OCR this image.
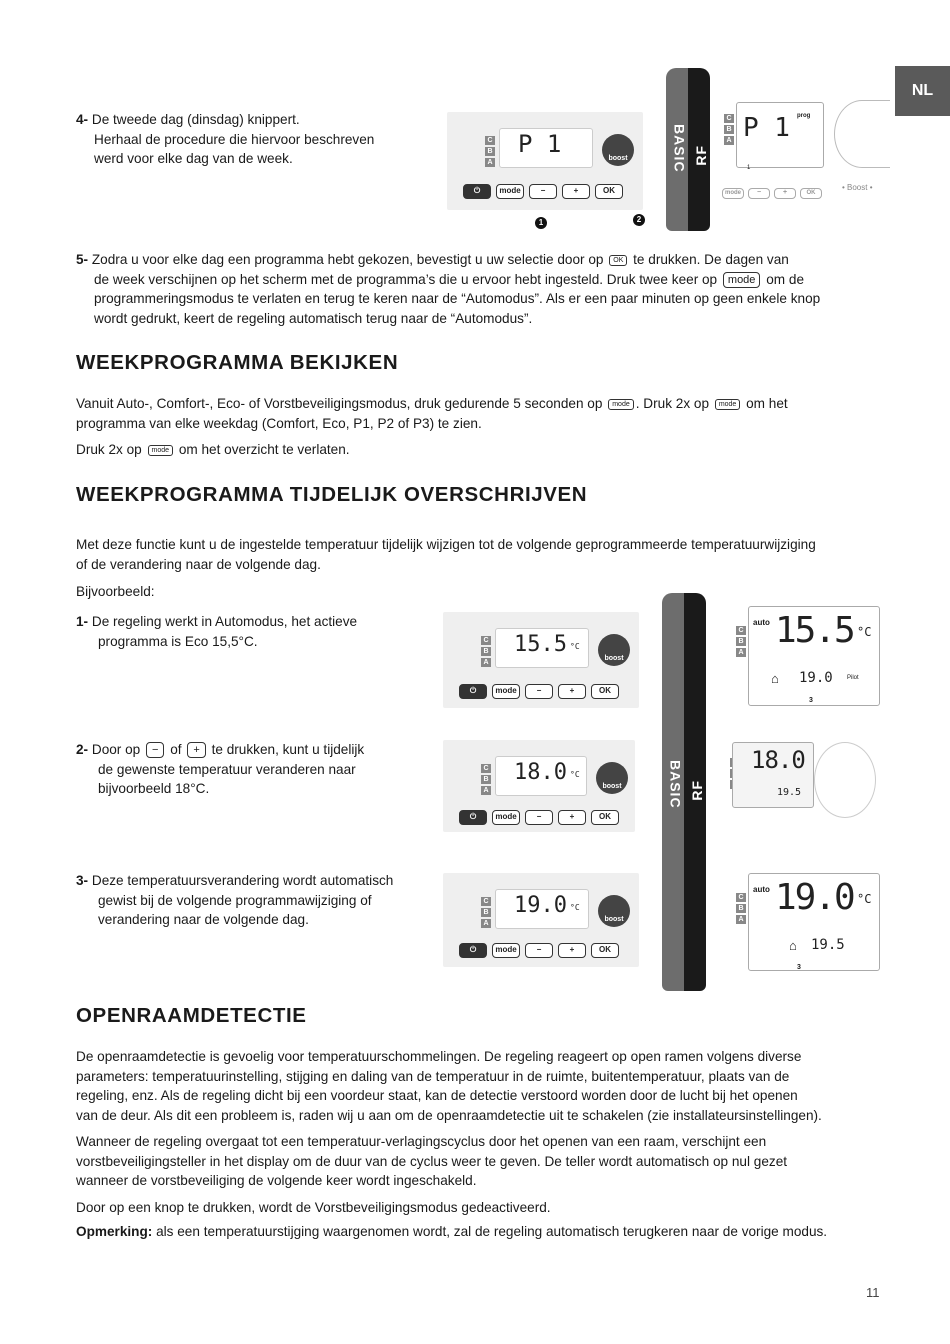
NL
4- De tweede dag (dinsdag) knippert.
Herhaal de procedure die hiervoor beschreven
werd voor elke dag van de week.
C
B
A
P 1
boost
⏻	mode	−	+	OK
1	2
BASIC RF
C
B
A
prog
P 1
1
• Boost •
mode	−	+	OK
5- Zodra u voor elke dag een programma hebt gekozen, bevestigt u uw selectie door op OK te drukken. De dagen van
de week verschijnen op het scherm met de programma’s die u ervoor hebt ingesteld. Druk twee keer op mode om de
programmeringsmodus te verlaten en terug te keren naar de “Automodus”. Als er een paar minuten op geen enkele knop
wordt gedrukt, keert de regeling automatisch terug naar de “Automodus”.
WEEKPROGRAMMA BEKIJKEN
Vanuit Auto-, Comfort-, Eco- of Vorstbeveiligingsmodus, druk gedurende 5 seconden op mode . Druk 2x op mode om het
programma van elke weekdag (Comfort, Eco, P1, P2 of P3) te zien.
Druk 2x op mode om het overzicht te verlaten.
WEEKPROGRAMMA TIJDELIJK OVERSCHRIJVEN
Met deze functie kunt u de ingestelde temperatuur tijdelijk wijzigen tot de volgende geprogrammeerde temperatuurwijziging
of de verandering naar de volgende dag.
Bijvoorbeeld:
1- De regeling werkt in Automodus, het actieve
programma is Eco 15,5°C.
2- Door op − of + te drukken, kunt u tijdelijk
de gewenste temperatuur veranderen naar
bijvoorbeeld 18°C.
3- Deze temperatuursverandering wordt automatisch
gewist bij de volgende programmawijziging of
verandering naar de volgende dag.
C
B
A
15.5 °C
boost
⏻	mode	−	+	OK
C
B
A
18.0 °C
boost
⏻	mode	−	+	OK
C
B
A
19.0 °C
boost
⏻	mode	−	+	OK
BASIC RF
C
B
A
auto 15.5 °C
⌂ 19.0 Pilot
3
18.0
19.5
C
B
A
auto 19.0 °C
⌂ 19.5
3
OPENRAAMDETECTIE
De openraamdetectie is gevoelig voor temperatuurschommelingen. De regeling reageert op open ramen volgens diverse
parameters: temperatuurinstelling, stijging en daling van de temperatuur in de ruimte, buitentemperatuur, plaats van de
regeling, enz. Als de regeling dicht bij een voordeur staat, kan de detectie verstoord worden door de lucht bij het openen
van de deur. Als dit een probleem is, raden wij u aan om de openraamdetectie uit te schakelen (zie installateursinstellingen).
Wanneer de regeling overgaat tot een temperatuur-verlagingscyclus door het openen van een raam, verschijnt een
vorstbeveiligingsteller in het display om de duur van de cyclus weer te geven. De teller wordt automatisch op nul gezet
wanneer de vorstbeveiliging de volgende keer wordt ingeschakeld.
Door op een knop te drukken, wordt de Vorstbeveiligingsmodus gedeactiveerd.
Opmerking: als een temperatuurstijging waargenomen wordt, zal de regeling automatisch terugkeren naar de vorige modus.
11
